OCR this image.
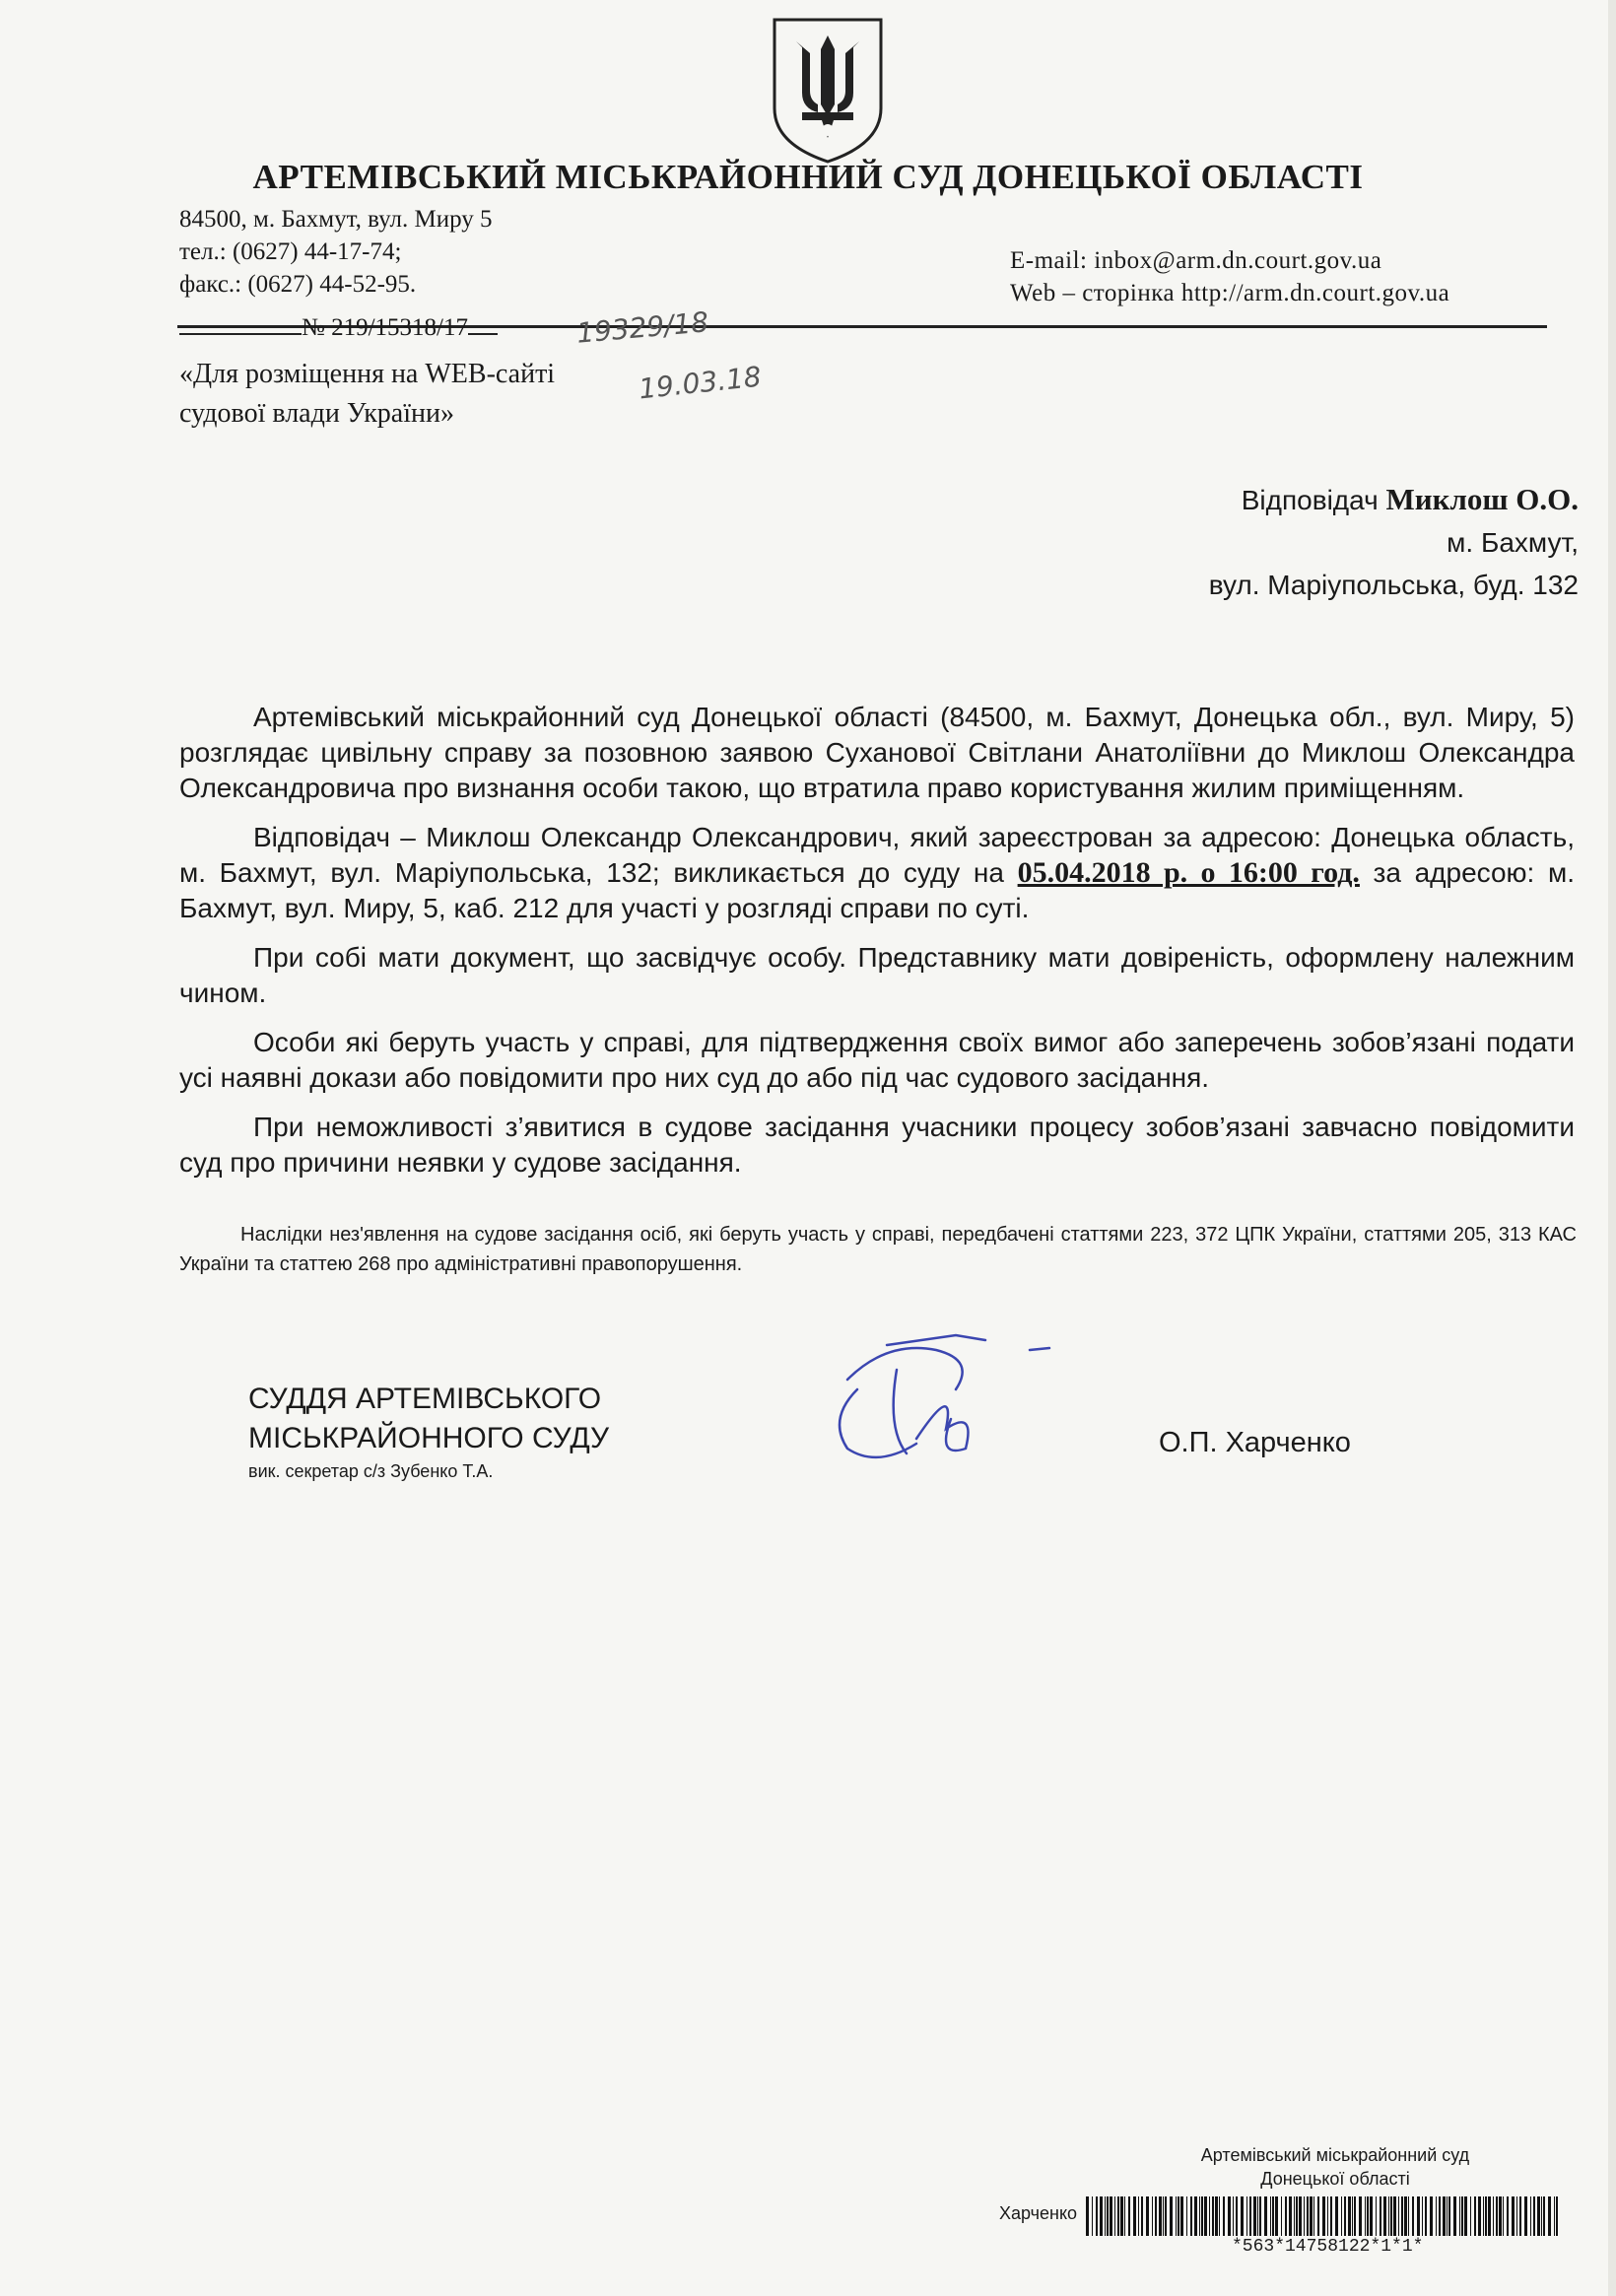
АРТЕМІВСЬКИЙ МІСЬКРАЙОННИЙ СУД ДОНЕЦЬКОЇ ОБЛАСТІ
84500, м. Бахмут, вул. Миру 5
тел.: (0627) 44-17-74;
факс.: (0627) 44-52-95.
E-mail: inbox@arm.dn.court.gov.ua
Web – сторінка http://arm.dn.court.gov.ua
№ 219/15318/17	19329/18
19.03.18
«Для розміщення на WEB-сайті
судової влади України»
Відповідач Миклош О.О.
м. Бахмут,
вул. Маріупольська, буд. 132

Артемівський міськрайонний суд Донецької області (84500, м. Бахмут, Донецька обл., вул. Миру, 5) розглядає цивільну справу за позовною заявою Суханової Світлани Анатоліївни до Миклош Олександра Олександровича про визнання особи такою, що втратила право користування жилим приміщенням.

Відповідач – Миклош Олександр Олександрович, який зареєстрован за адресою: Донецька область, м. Бахмут, вул. Маріупольська, 132; викликається до суду на 05.04.2018 р. о 16:00 год. за адресою: м. Бахмут, вул. Миру, 5, каб. 212 для участі у розгляді справи по суті.

При собі мати документ, що засвідчує особу. Представнику мати довіреність, оформлену належним чином.

Особи які беруть участь у справі, для підтвердження своїх вимог або заперечень зобов’язані подати усі наявні докази або повідомити про них суд до або під час судового засідання.

При неможливості з’явитися в судове засідання учасники процесу зобов’язані завчасно повідомити суд про причини неявки у судове засідання.

Наслідки нез'явлення на судове засідання осіб, які беруть участь у справі, передбачені статтями 223, 372 ЦПК України, статтями 205, 313 КАС України та статтею 268 про адміністративні правопорушення.
СУДДЯ АРТЕМІВСЬКОГО
МІСЬКРАЙОННОГО СУДУ
вик. секретар с/з Зубенко Т.А.
О.П. Харченко
Артемівський міськрайонний суд
Донецької області
Харченко
*563*14758122*1*1*
